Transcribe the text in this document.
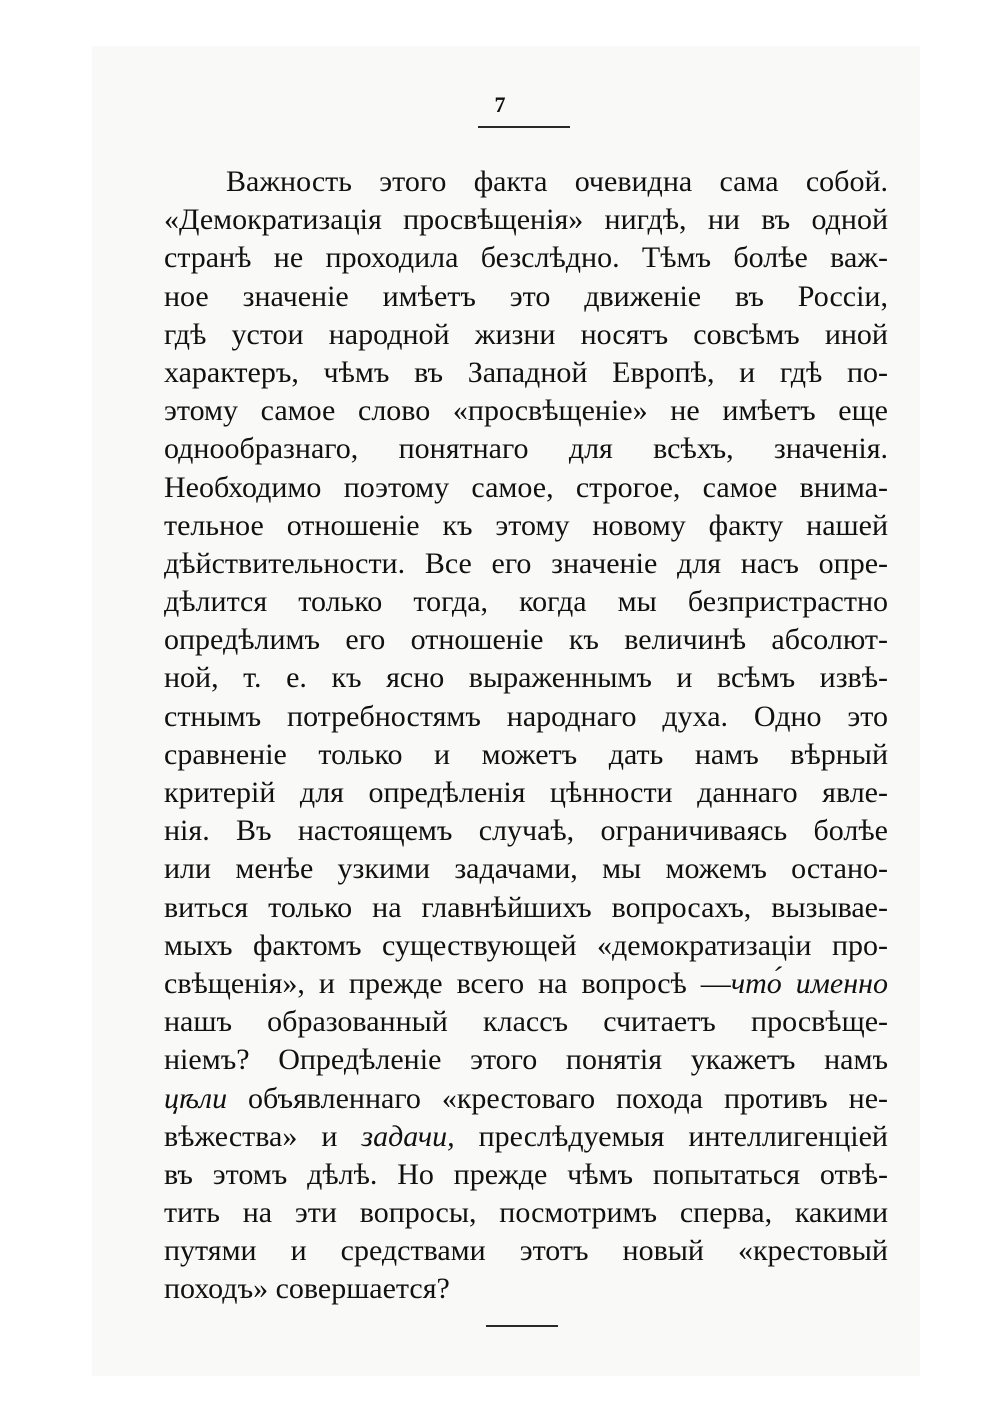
7
Важность этого факта очевидна сама собой.
«Демократизація просвѣщенія» нигдѣ, ни въ одной
странѣ не проходила безслѣдно. Тѣмъ болѣе важ-
ное значеніе имѣетъ это движеніе въ Россіи,
гдѣ устои народной жизни носятъ совсѣмъ иной
характеръ, чѣмъ въ Западной Европѣ, и гдѣ по-
этому самое слово «просвѣщеніе» не имѣетъ еще
однообразнаго, понятнаго для всѣхъ, значенія.
Необходимо поэтому самое, строгое, самое внима-
тельное отношеніе къ этому новому факту нашей
дѣйствительности. Все его значеніе для насъ опре-
дѣлится только тогда, когда мы безпристрастно
опредѣлимъ его отношеніе къ величинѣ абсолют-
ной, т. е. къ ясно выраженнымъ и всѣмъ извѣ-
стнымъ потребностямъ народнаго духа. Одно это
сравненіе только и можетъ дать намъ вѣрный
критерій для опредѣленія цѣнности даннаго явле-
нія. Въ настоящемъ случаѣ, ограничиваясь болѣе
или менѣе узкими задачами, мы можемъ остано-
виться только на главнѣйшихъ вопросахъ, вызывае-
мыхъ фактомъ существующей «демократизаціи про-
свѣщенія», и прежде всего на вопросѣ —что́ именно
нашъ образованный классъ считаетъ просвѣще-
ніемъ? Опредѣленіе этого понятія укажетъ намъ
цѣли объявленнаго «крестоваго похода противъ не-
вѣжества» и задачи, преслѣдуемыя интеллигенціей
въ этомъ дѣлѣ. Но прежде чѣмъ попытаться отвѣ-
тить на эти вопросы, посмотримъ сперва, какими
путями и средствами этотъ новый «крестовый
походъ» совершается?
